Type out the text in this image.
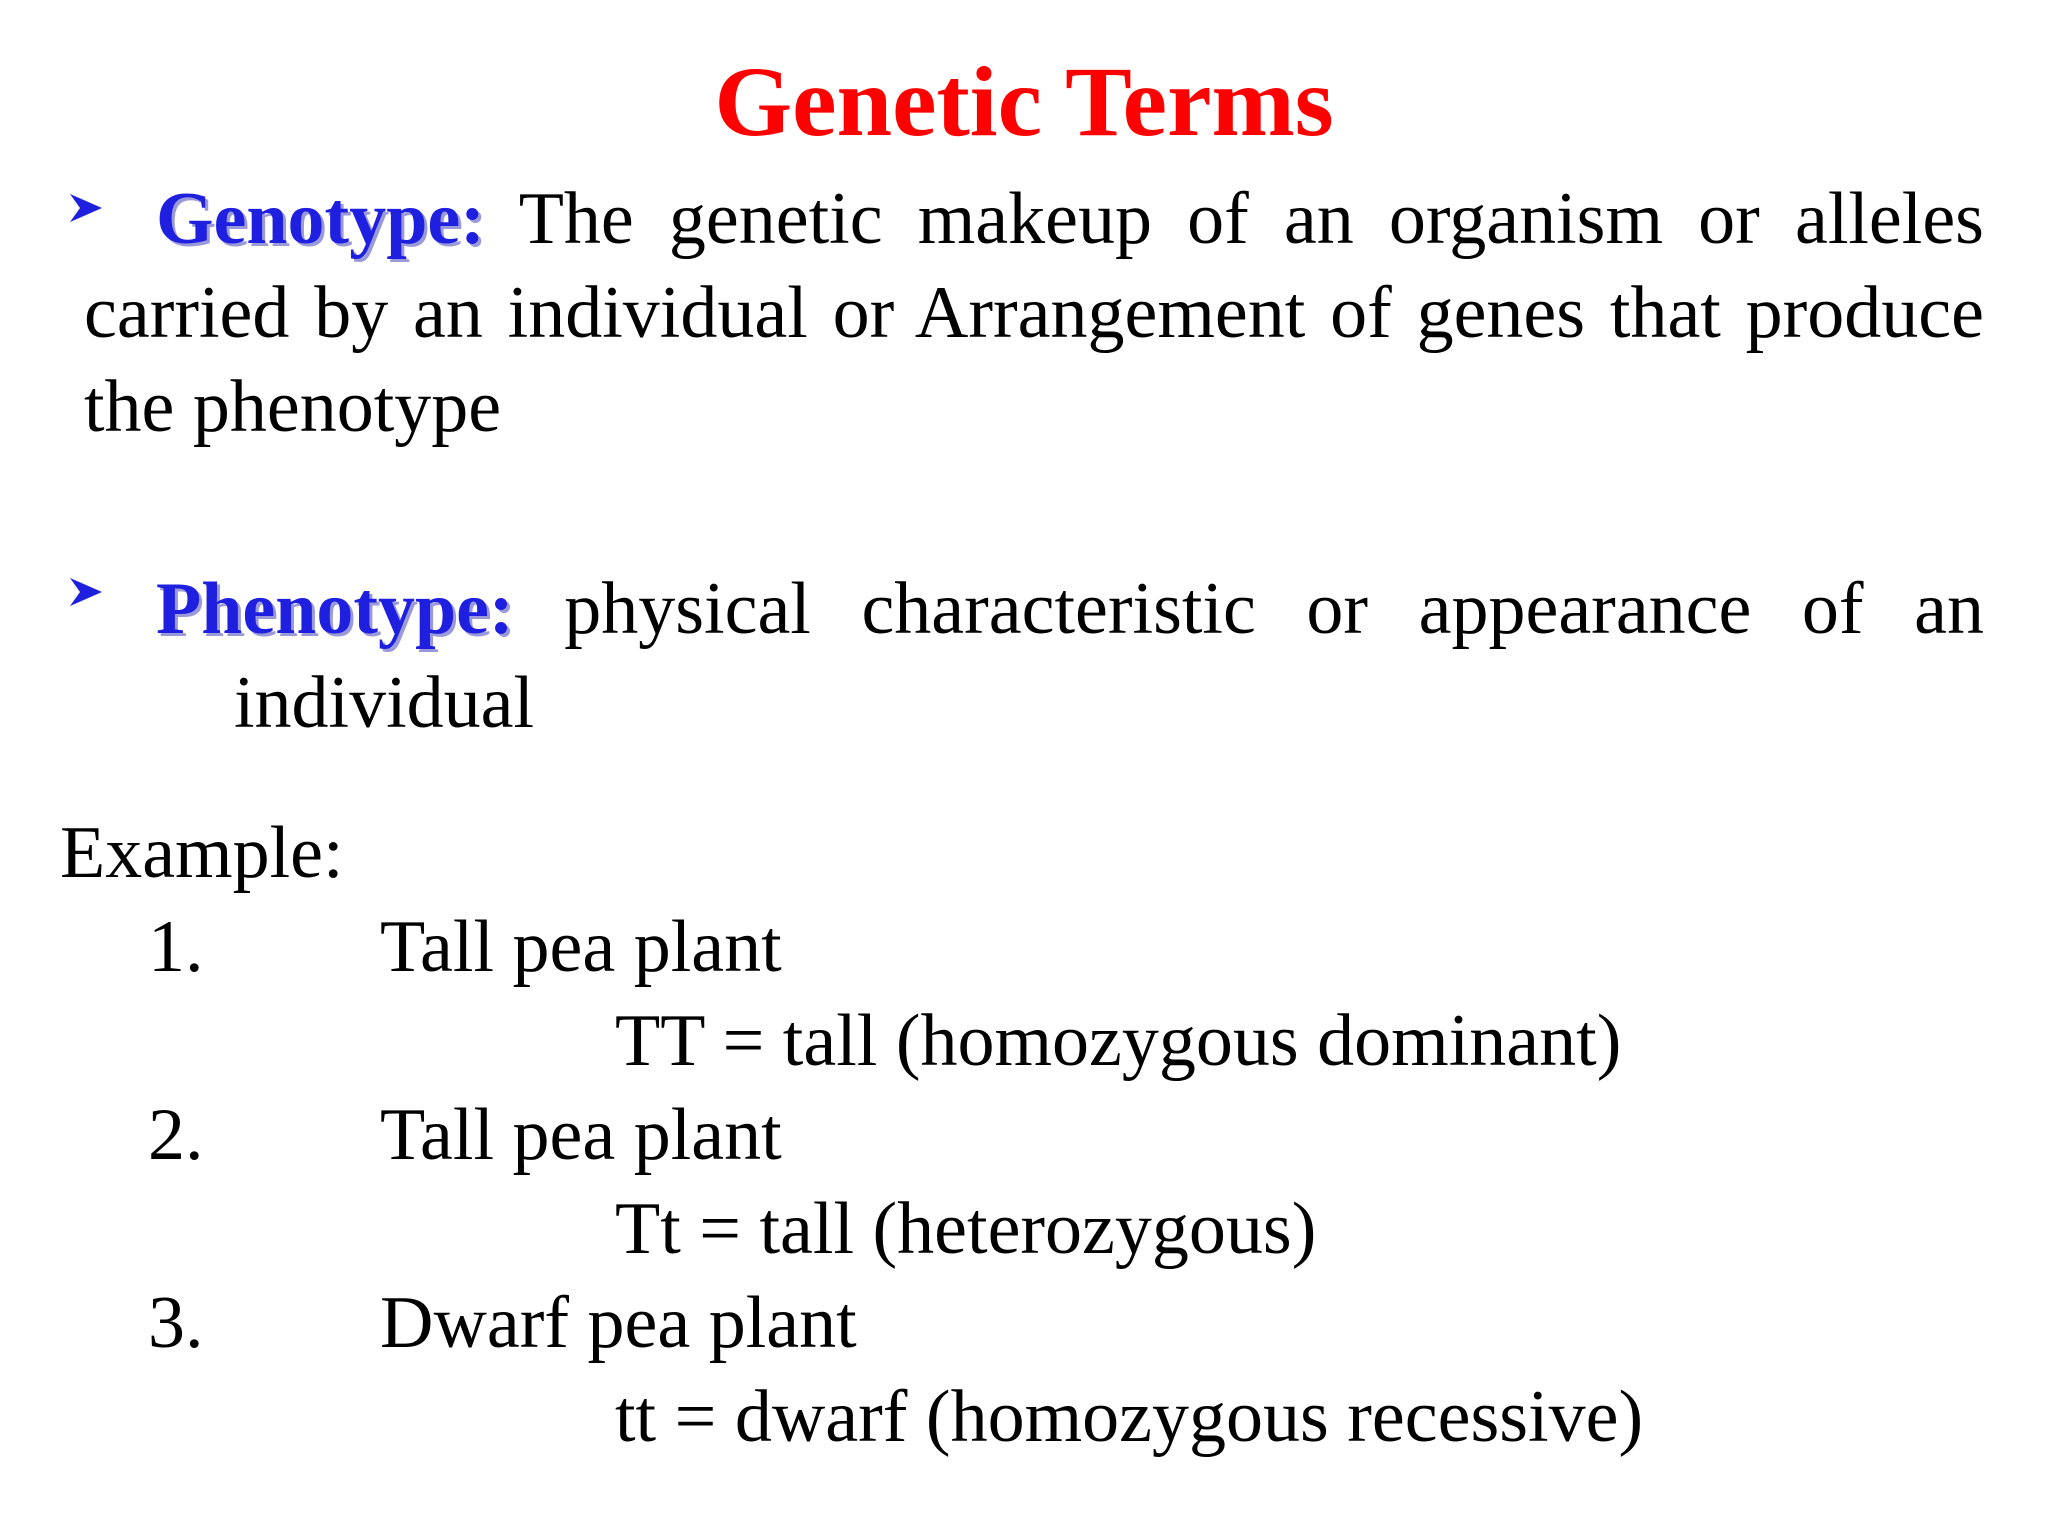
Genetic Terms
Genotype: The genetic makeup of an organism or alleles
carried by an individual or Arrangement of genes that produce the phenotype
Phenotype: physical characteristic or appearance of an
individual
Example:
1. Tall pea plant
TT = tall (homozygous dominant)
2. Tall pea plant
Tt = tall (heterozygous)
3. Dwarf pea plant
tt = dwarf (homozygous recessive)
